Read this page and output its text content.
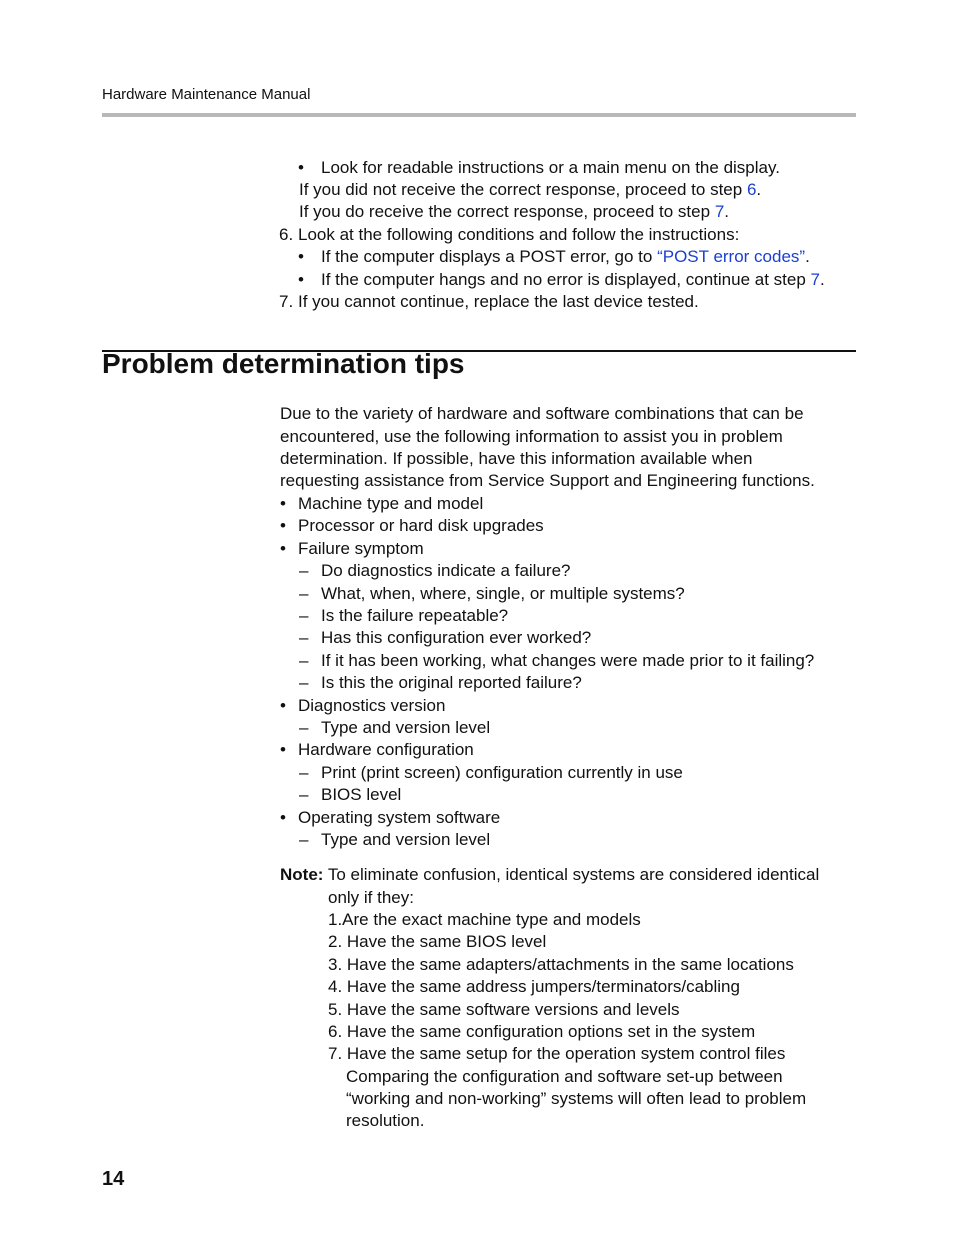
Hardware Maintenance Manual
• Look for readable instructions or a main menu on the display.
If you did not receive the correct response, proceed to step 6.
If you do receive the correct response, proceed to step 7.
6. Look at the following conditions and follow the instructions:
• If the computer displays a POST error, go to “POST error codes”.
• If the computer hangs and no error is displayed, continue at step 7.
7. If you cannot continue, replace the last device tested.
Problem determination tips
Due to the variety of hardware and software combinations that can be
encountered, use the following information to assist you in problem
determination. If possible, have this information available when
requesting assistance from Service Support and Engineering functions.
• Machine type and model
• Processor or hard disk upgrades
• Failure symptom
– Do diagnostics indicate a failure?
– What, when, where, single, or multiple systems?
– Is the failure repeatable?
– Has this configuration ever worked?
– If it has been working, what changes were made prior to it failing?
– Is this the original reported failure?
• Diagnostics version
– Type and version level
• Hardware configuration
– Print (print screen) configuration currently in use
– BIOS level
• Operating system software
– Type and version level
Note: To eliminate confusion, identical systems are considered identical
only if they:
1.Are the exact machine type and models
2. Have the same BIOS level
3. Have the same adapters/attachments in the same locations
4. Have the same address jumpers/terminators/cabling
5. Have the same software versions and levels
6. Have the same configuration options set in the system
7. Have the same setup for the operation system control files
Comparing the configuration and software set-up between
“working and non-working” systems will often lead to problem
resolution.
14
